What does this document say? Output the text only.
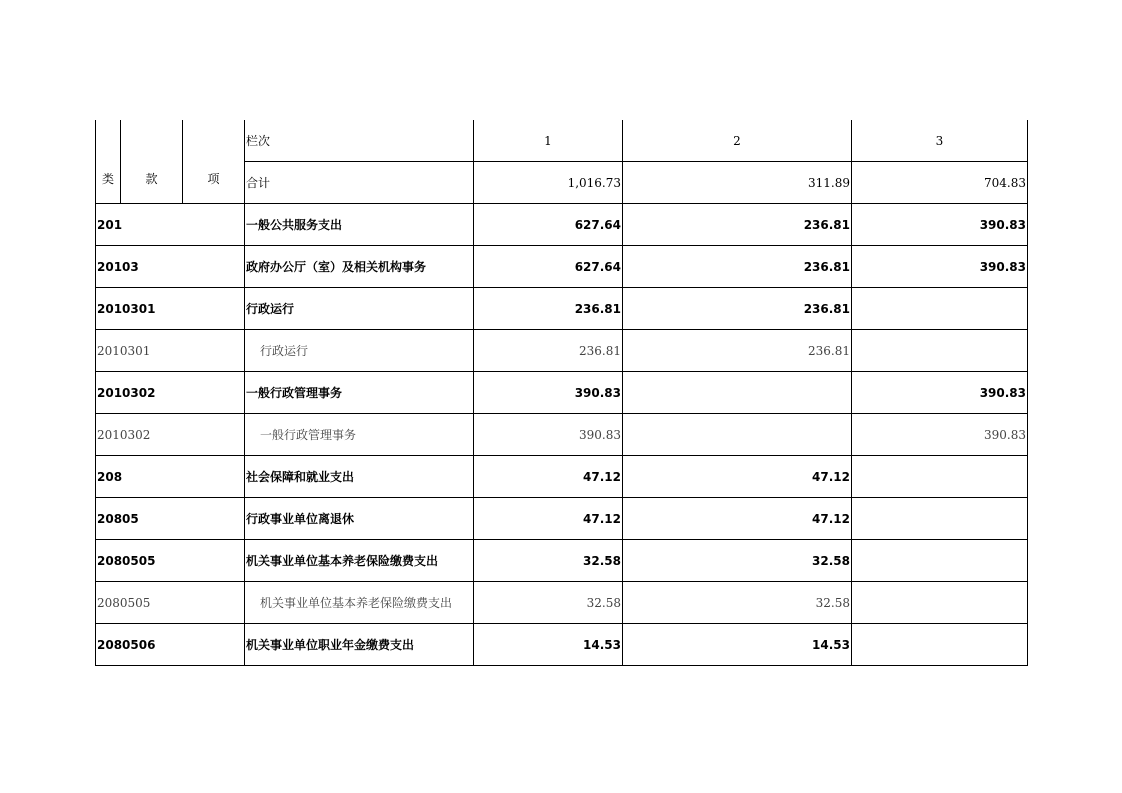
类	款	项	栏次	1	2	3
			合计	1,016.73	311.89	704.83
201			一般公共服务支出	627.64	236.81	390.83
20103			政府办公厅（室）及相关机构事务	627.64	236.81	390.83
2010301			行政运行	236.81	236.81	
2010301			行政运行	236.81	236.81	
2010302			一般行政管理事务	390.83		390.83
2010302			一般行政管理事务	390.83		390.83
208			社会保障和就业支出	47.12	47.12	
20805			行政事业单位离退休	47.12	47.12	
2080505			机关事业单位基本养老保险缴费支出	32.58	32.58	
2080505			机关事业单位基本养老保险缴费支出	32.58	32.58	
2080506			机关事业单位职业年金缴费支出	14.53	14.53	
